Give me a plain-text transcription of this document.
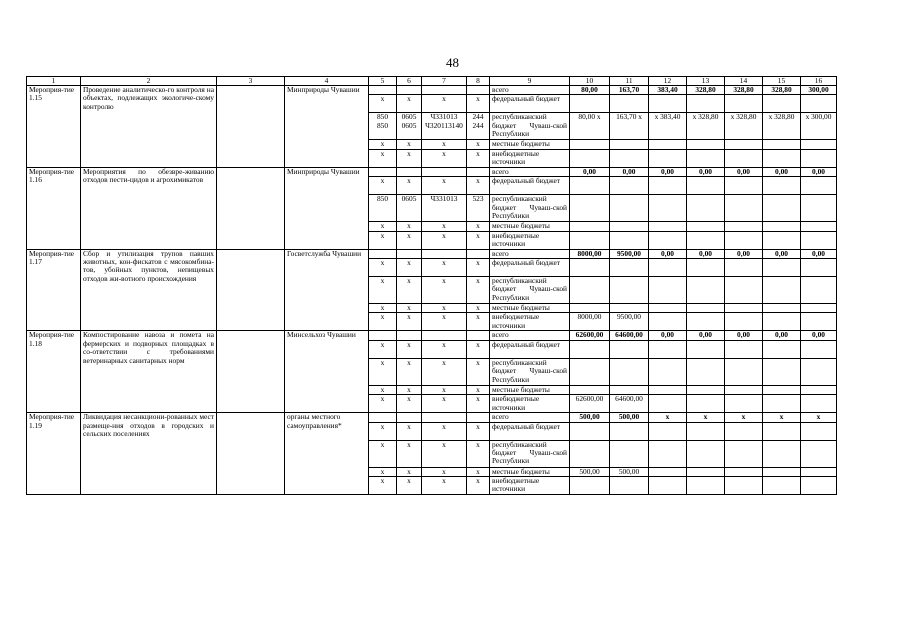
48
1	2	3	4	5	6	7	8	9	10	11	12	13	14	15	16
Мероприя-тие 1.15	Проведение аналитическо-го контроля на объектах, подлежащих экологиче-скому контролю		Минприроды Чувашии					всего	80,00	163,70	383,40	328,80	328,80	328,80	300,00
				х	х	х	х	федеральный бюджет							
				850 850	0605 0605	Ч331013 Ч320113140	244 244	республиканский бюджет Чуваш-ской Республики	80,00 х	163,70 х	х 383,40	х 328,80	х 328,80	х 328,80	х 300,00
				х	х	х	х	местные бюджеты							
				х	х	х	х	внебюджетные источники							
Мероприя-тие 1.16	Мероприятия по обезвре-живанию отходов пести-цидов и агрохимикатов		Минприроды Чувашии					всего	0,00	0,00	0,00	0,00	0,00	0,00	0,00
				х	х	х	х	федеральный бюджет							
				850	0605	Ч331013	523	республиканский бюджет Чуваш-ской Республики							
				х	х	х	х	местные бюджеты							
				х	х	х	х	внебюджетные источники							
Мероприя-тие 1.17	Сбор и утилизация трупов павших животных, кон-фискатов с мясокомбина-тов, убойных пунктов, непищевых отходов жи-вотного происхождения		Госветслужба Чувашии					всего	8000,00	9500,00	0,00	0,00	0,00	0,00	0,00
				х	х	х	х	федеральный бюджет							
				х	х	х	х	республиканский бюджет Чуваш-ской Республики							
				х	х	х	х	местные бюджеты							
				х	х	х	х	внебюджетные источники	8000,00	9500,00					
Мероприя-тие 1.18	Компостирование навоза и помета на фермерских и подворных площадках в со-ответствии с требованиями ветеринарных санитарных норм		Минсельхоз Чувашии					всего	62600,00	64600,00	0,00	0,00	0,00	0,00	0,00
				х	х	х	х	федеральный бюджет							
				х	х	х	х	республиканский бюджет Чуваш-ской Республики							
				х	х	х	х	местные бюджеты							
				х	х	х	х	внебюджетные источники	62600,00	64600,00					
Мероприя-тие 1.19	Ликвидация несанкциони-рованных мест размеще-ния отходов в городских и сельских поселениях		органы местного самоуправления*					всего	500,00	500,00	х	х	х	х	х
				х	х	х	х	федеральный бюджет							
				х	х	х	х	республиканский бюджет Чуваш-ской Республики							
				х	х	х	х	местные бюджеты	500,00	500,00					
				х	х	х	х	внебюджетные источники							
